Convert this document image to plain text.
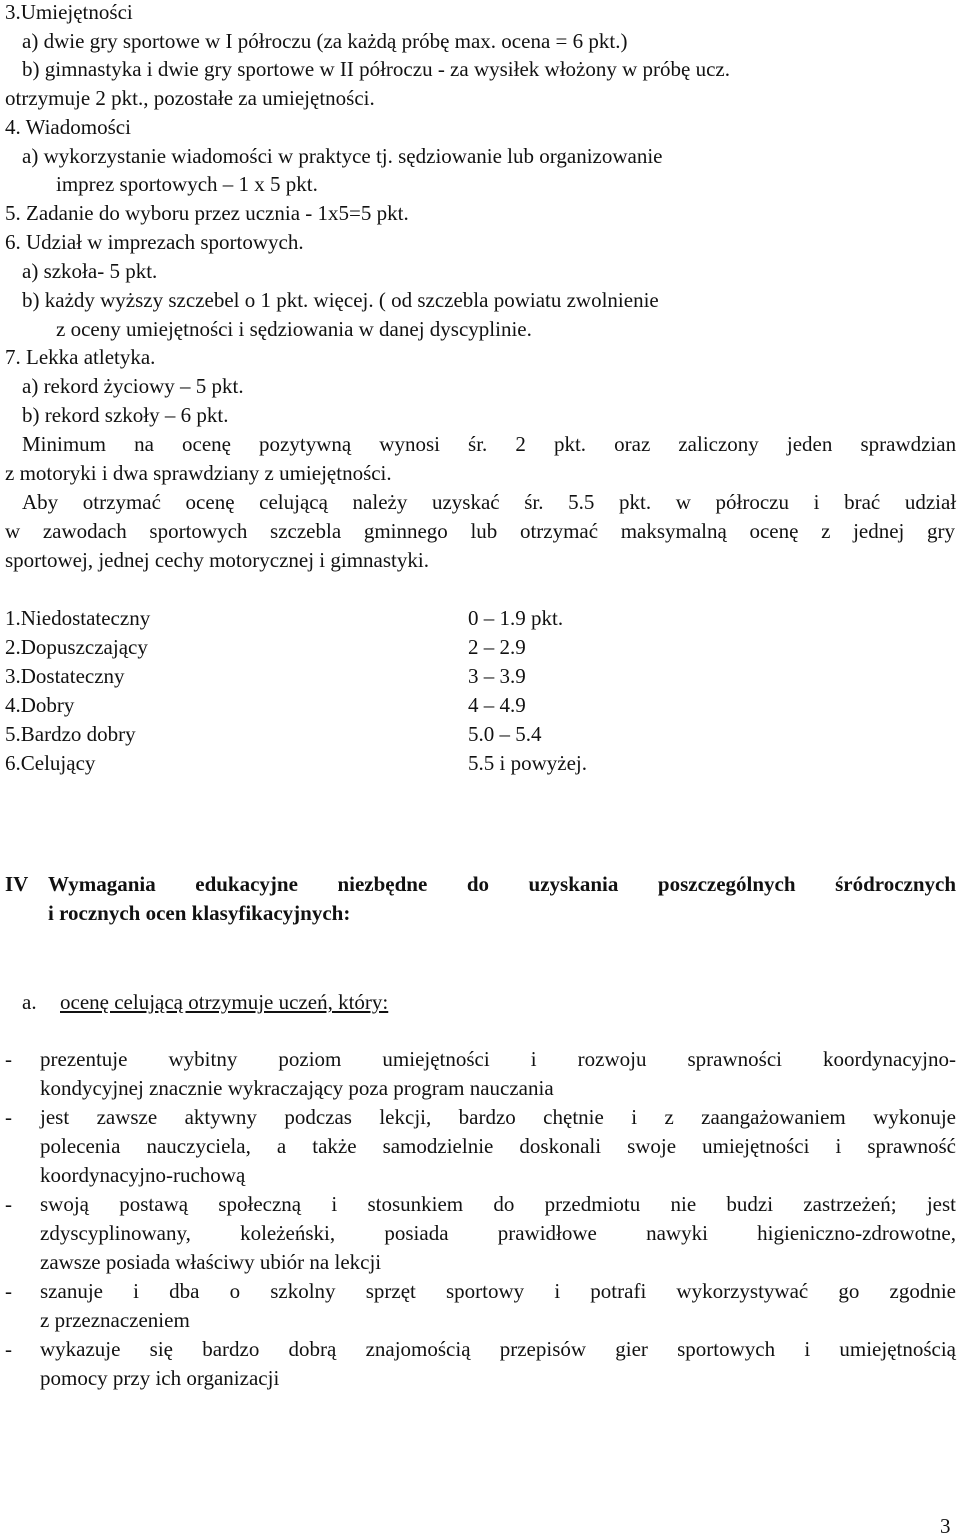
3.Umiejętności
a) dwie gry sportowe w I półroczu (za każdą próbę max. ocena = 6 pkt.)
b) gimnastyka i dwie gry sportowe w II półroczu - za wysiłek włożony w próbę ucz.
otrzymuje 2 pkt., pozostałe za umiejętności.
4. Wiadomości
a) wykorzystanie wiadomości w praktyce tj. sędziowanie lub organizowanie
imprez sportowych – 1 x 5 pkt.
5. Zadanie do wyboru przez ucznia - 1x5=5 pkt.
6. Udział w imprezach sportowych.
a) szkoła- 5 pkt.
b) każdy wyższy szczebel o 1 pkt. więcej. ( od szczebla powiatu zwolnienie
z oceny umiejętności i sędziowania w danej dyscyplinie.
7. Lekka atletyka.
a) rekord życiowy – 5 pkt.
b) rekord szkoły – 6 pkt.
Minimum na ocenę pozytywną wynosi śr. 2 pkt. oraz zaliczony jeden sprawdzian
z motoryki i dwa sprawdziany z umiejętności.
Aby otrzymać ocenę celującą należy uzyskać śr. 5.5 pkt. w półroczu i brać udział
w zawodach sportowych szczebla gminnego lub otrzymać maksymalną ocenę z jednej gry
sportowej, jednej cechy motorycznej i gimnastyki.
1.Niedostateczny	0 – 1.9 pkt.
2.Dopuszczający	2 – 2.9
3.Dostateczny	3 – 3.9
4.Dobry	4 – 4.9
5.Bardzo dobry	5.0 – 5.4
6.Celujący	5.5 i powyżej.
IV Wymagania edukacyjne niezbędne do uzyskania poszczególnych śródrocznych
i rocznych ocen klasyfikacyjnych:
a. ocenę celującą otrzymuje uczeń, który:
- prezentuje wybitny poziom umiejętności i rozwoju sprawności koordynacyjno-
kondycyjnej znacznie wykraczający poza program nauczania
- jest zawsze aktywny podczas lekcji, bardzo chętnie i z zaangażowaniem wykonuje
polecenia nauczyciela, a także samodzielnie doskonali swoje umiejętności i sprawność
koordynacyjno-ruchową
- swoją postawą społeczną i stosunkiem do przedmiotu nie budzi zastrzeżeń; jest
zdyscyplinowany, koleżeński, posiada prawidłowe nawyki higieniczno-zdrowotne,
zawsze posiada właściwy ubiór na lekcji
- szanuje i dba o szkolny sprzęt sportowy i potrafi wykorzystywać go zgodnie
z przeznaczeniem
- wykazuje się bardzo dobrą znajomością przepisów gier sportowych i umiejętnością
pomocy przy ich organizacji
3
